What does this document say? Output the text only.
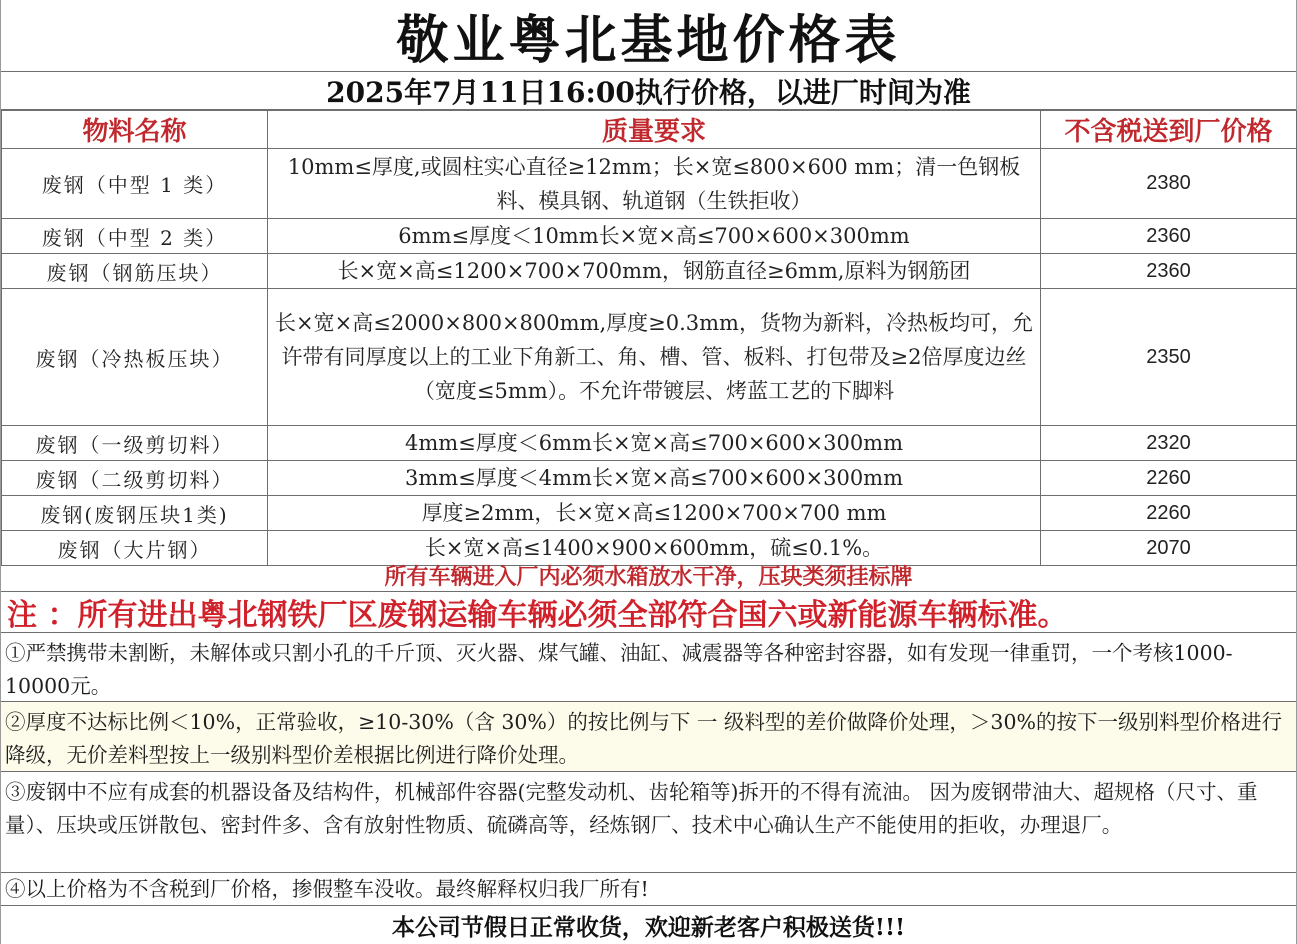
敬业粤北基地价格表
2025年7月11日16:00执行价格，以进厂时间为准
物料名称	质量要求	不含税送到厂价格
废钢（中型 1 类）	10mm≤厚度,或圆柱实心直径≥12mm；长×宽≤800×600 mm；清一色钢板料、模具钢、轨道钢（生铁拒收）	2380
废钢（中型 2 类）	6mm≤厚度＜10mm长×宽×高≤700×600×300mm	2360
废钢（钢筋压块）	长×宽×高≤1200×700×700mm，钢筋直径≥6mm,原料为钢筋团	2360
废钢（冷热板压块）	长×宽×高≤2000×800×800mm,厚度≥0.3mm，货物为新料，冷热板均可，允许带有同厚度以上的工业下角新工、角、槽、管、板料、打包带及≥2倍厚度边丝（宽度≤5mm）。不允许带镀层、烤蓝工艺的下脚料	2350
废钢（一级剪切料）	4mm≤厚度＜6mm长×宽×高≤700×600×300mm	2320
废钢（二级剪切料）	3mm≤厚度＜4mm长×宽×高≤700×600×300mm	2260
废钢(废钢压块1类)	厚度≥2mm，长×宽×高≤1200×700×700 mm	2260
废钢（大片钢）	长×宽×高≤1400×900×600mm，硫≤0.1%。	2070
所有车辆进入厂内必须水箱放水干净，压块类须挂标牌
注 ：所有进出粤北钢铁厂区废钢运输车辆必须全部符合国六或新能源车辆标准。
①严禁携带未割断，未解体或只割小孔的千斤顶、灭火器、煤气罐、油缸、减震器等各种密封容器，如有发现一律重罚，一个考核1000-10000元。
②厚度不达标比例＜10%，正常验收，≥10-30%（含 30%）的按比例与下 一 级料型的差价做降价处理，＞30%的按下一级别料型价格进行降级，无价差料型按上一级别料型价差根据比例进行降价处理。
③废钢中不应有成套的机器设备及结构件，机械部件容器(完整发动机、齿轮箱等)拆开的不得有流油。 因为废钢带油大、超规格（尺寸、重量）、压块或压饼散包、密封件多、含有放射性物质、硫磷高等，经炼钢厂、技术中心确认生产不能使用的拒收，办理退厂。
④以上价格为不含税到厂价格，掺假整车没收。最终解释权归我厂所有!
本公司节假日正常收货，欢迎新老客户积极送货!!!
